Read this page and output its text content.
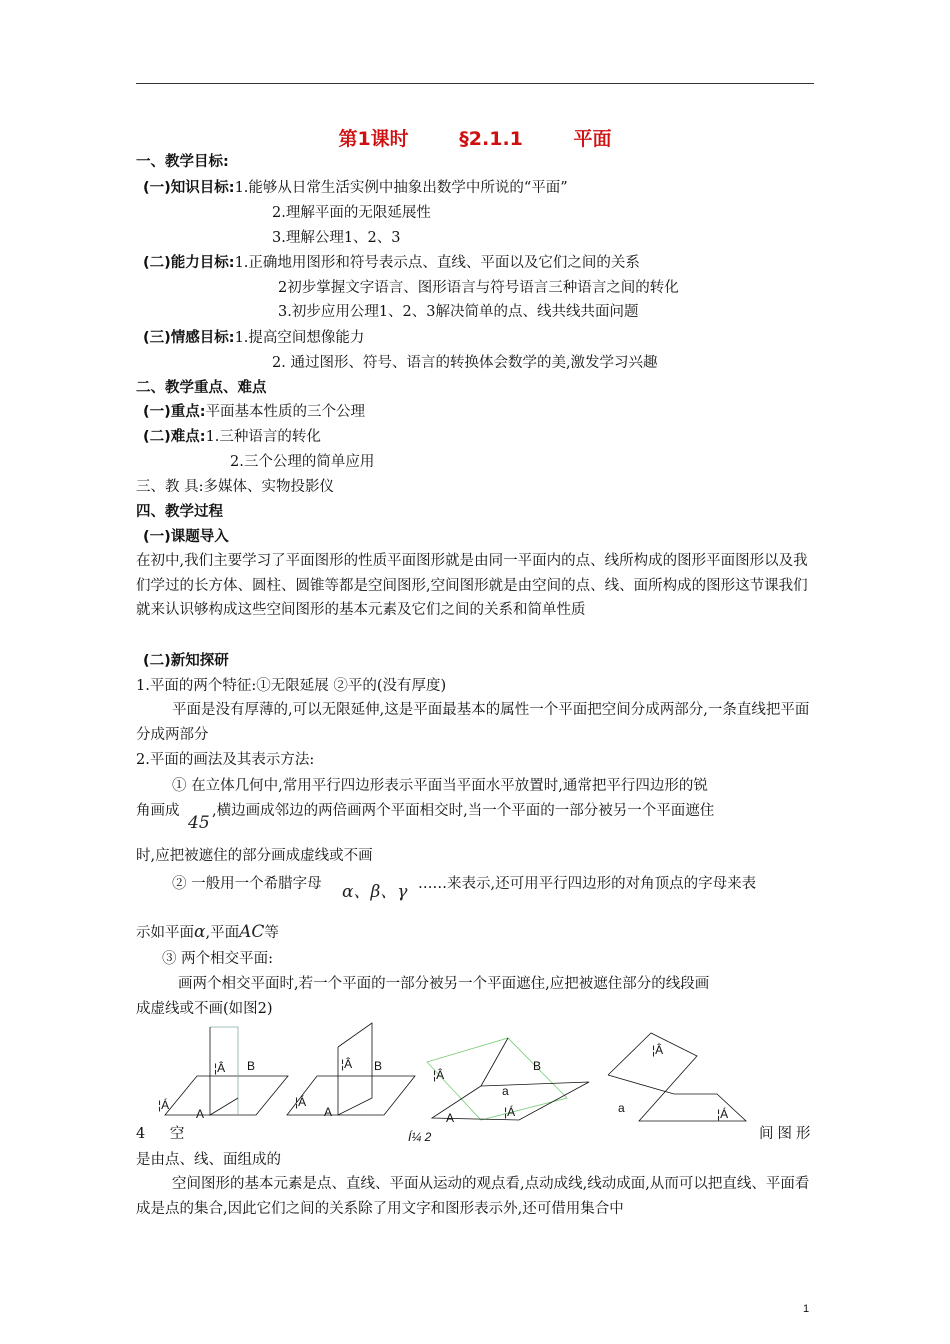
第1课时	§2.1.1	平面
一、教学目标:
(一)知识目标:1.能够从日常生活实例中抽象出数学中所说的“平面”
2.理解平面的无限延展性
3.理解公理1、2、3
(二)能力目标:1.正确地用图形和符号表示点、直线、平面以及它们之间的关系
2初步掌握文字语言、图形语言与符号语言三种语言之间的转化
3.初步应用公理1、2、3解决简单的点、线共线共面问题
(三)情感目标:1.提高空间想像能力
2. 通过图形、符号、语言的转换体会数学的美,激发学习兴趣
二、教学重点、难点
(一)重点:平面基本性质的三个公理
(二)难点:1.三种语言的转化
2.三个公理的简单应用
三、教 具:多媒体、实物投影仪
四、教学过程
(一)课题导入
在初中,我们主要学习了平面图形的性质平面图形就是由同一平面内的点、线所构成的图形平面图形以及我们学过的长方体、圆柱、圆锥等都是空间图形,空间图形就是由空间的点、线、面所构成的图形这节课我们就来认识够构成这些空间图形的基本元素及它们之间的关系和简单性质
(二)新知探研
1.平面的两个特征:①无限延展 ②平的(没有厚度)
平面是没有厚薄的,可以无限延伸,这是平面最基本的属性一个平面把空间分成两部分,一条直线把平面分成两部分
2.平面的画法及其表示方法:
① 在立体几何中,常用平行四边形表示平面当平面水平放置时,通常把平行四边形的锐
角画成
45
,横边画成邻边的两倍画两个平面相交时,当一个平面的一部分被另一个平面遮住
时,应把被遮住的部分画成虚线或不画
② 一般用一个希腊字母 α、β、γ ……来表示,还可用平行四边形的对角顶点的字母来表
示如平面α,平面AC等
③ 两个相交平面:
画两个相交平面时,若一个平面的一部分被另一个平面遮住,应把被遮住部分的线段画
成虚线或不画(如图2)
¦Â B
¦Á
A
¦Â B
¦Á
A
¦Â
B
a
A	¦Á
¦Â
a	¦Á
Í¼ 2
4 空	间图形
是由点、线、面组成的
空间图形的基本元素是点、直线、平面从运动的观点看,点动成线,线动成面,从而可以把直线、平面看成是点的集合,因此它们之间的关系除了用文字和图形表示外,还可借用集合中
1
